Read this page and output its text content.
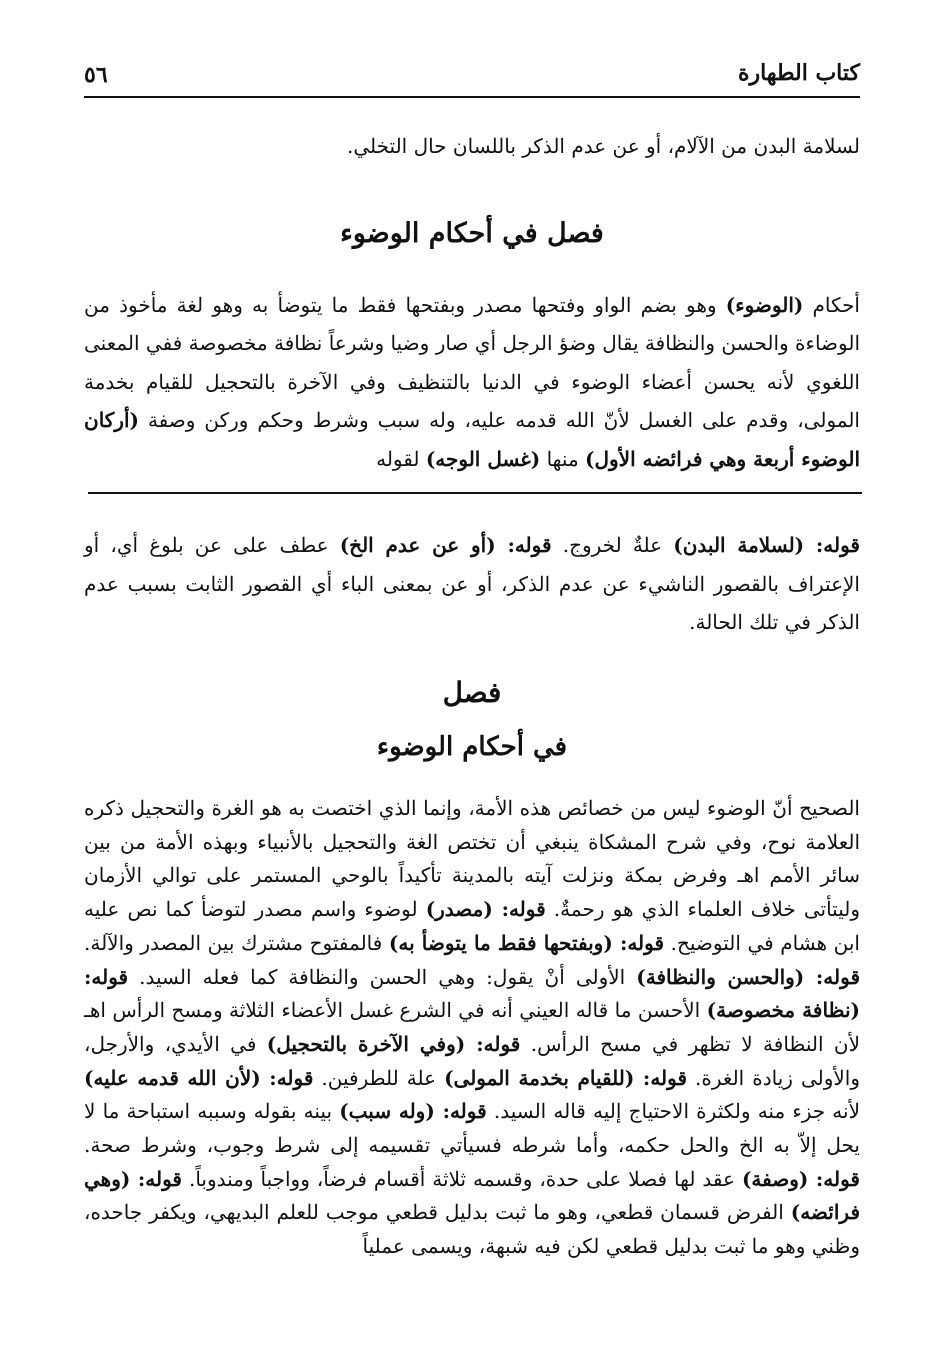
٥٦	كتاب الطهارة

لسلامة البدن من الآلام، أو عن عدم الذكر باللسان حال التخلي.

فصل في أحكام الوضوء

أحكام (الوضوء) وهو بضم الواو وفتحها مصدر وبفتحها فقط ما يتوضأ به وهو لغة مأخوذ من الوضاءة والحسن والنظافة يقال وضؤ الرجل أي صار وضيا وشرعاً نظافة مخصوصة ففي المعنى اللغوي لأنه يحسن أعضاء الوضوء في الدنيا بالتنظيف وفي الآخرة بالتحجيل للقيام بخدمة المولى، وقدم على الغسل لأنّ الله قدمه عليه، وله سبب وشرط وحكم وركن وصفة (أركان الوضوء أربعة وهي فرائضه الأول) منها (غسل الوجه) لقوله

قوله: (لسلامة البدن) علةٌ لخروج. قوله: (أو عن عدم الخ) عطف على عن بلوغ أي، أو الإعتراف بالقصور الناشيء عن عدم الذكر، أو عن بمعنى الباء أي القصور الثابت بسبب عدم الذكر في تلك الحالة.

فصل
في أحكام الوضوء

الصحيح أنّ الوضوء ليس من خصائص هذه الأمة، وإنما الذي اختصت به هو الغرة والتحجيل ذكره العلامة نوح، وفي شرح المشكاة ينبغي أن تختص الغة والتحجيل بالأنبياء وبهذه الأمة من بين سائر الأمم اهـ وفرض بمكة ونزلت آيته بالمدينة تأكيداً بالوحي المستمر على توالي الأزمان وليتأتى خلاف العلماء الذي هو رحمةٌ. قوله: (مصدر) لوضوء واسم مصدر لتوضأ كما نص عليه ابن هشام في التوضيح. قوله: (وبفتحها فقط ما يتوضأ به) فالمفتوح مشترك بين المصدر والآلة. قوله: (والحسن والنظافة) الأولى أنْ يقول: وهي الحسن والنظافة كما فعله السيد. قوله: (نظافة مخصوصة) الأحسن ما قاله العيني أنه في الشرع غسل الأعضاء الثلاثة ومسح الرأس اهـ لأن النظافة لا تظهر في مسح الرأس. قوله: (وفي الآخرة بالتحجيل) في الأيدي، والأرجل، والأولى زيادة الغرة. قوله: (للقيام بخدمة المولى) علة للطرفين. قوله: (لأن الله قدمه عليه) لأنه جزء منه ولكثرة الاحتياج إليه قاله السيد. قوله: (وله سبب) بينه بقوله وسببه استباحة ما لا يحل إلاّ به الخ والحل حكمه، وأما شرطه فسيأتي تقسيمه إلى شرط وجوب، وشرط صحة. قوله: (وصفة) عقد لها فصلا على حدة، وقسمه ثلاثة أقسام فرضاً، وواجباً ومندوباً. قوله: (وهي فرائضه) الفرض قسمان قطعي، وهو ما ثبت بدليل قطعي موجب للعلم البديهي، ويكفر جاحده، وظني وهو ما ثبت بدليل قطعي لكن فيه شبهة، ويسمى عملياً
